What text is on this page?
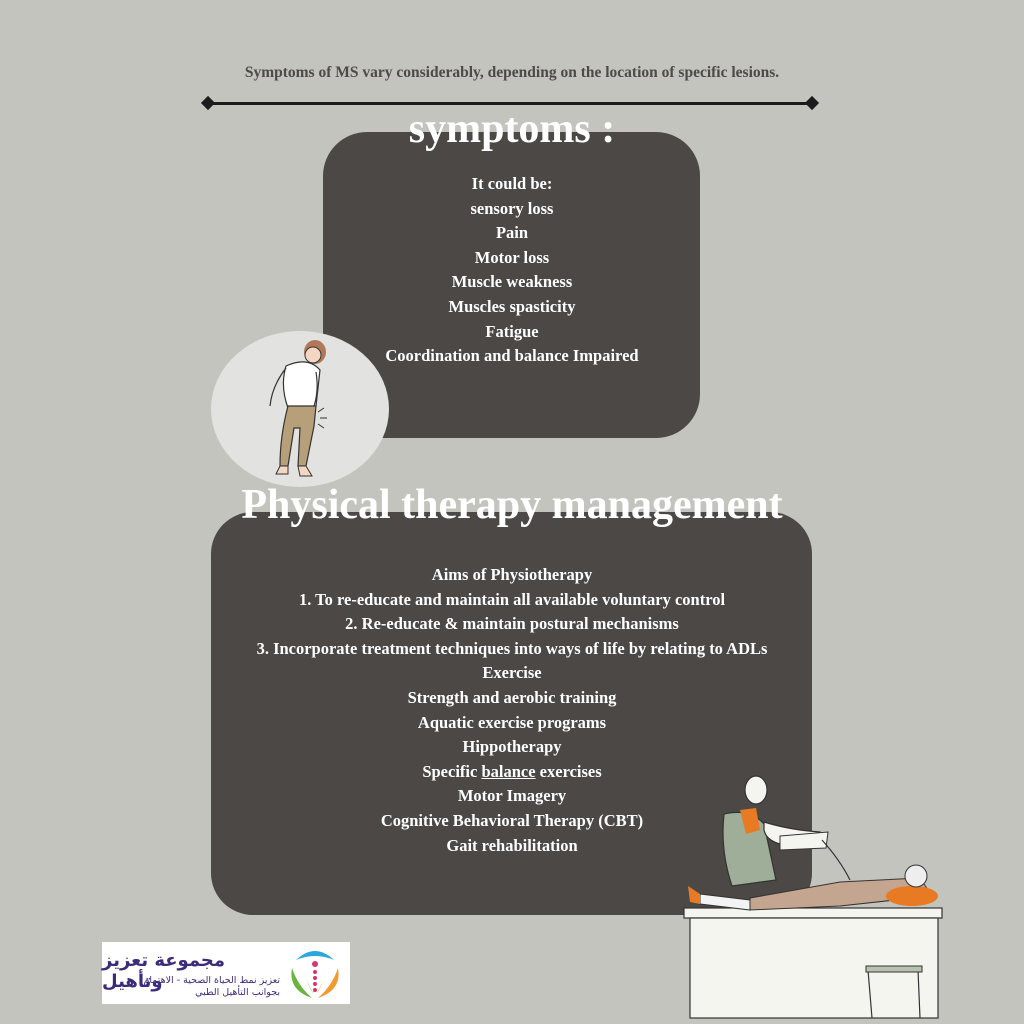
Symptoms of MS vary considerably, depending on the location of specific lesions.
symptoms :
It could be:
sensory loss
Pain
Motor loss
Muscle weakness
Muscles spasticity
Fatigue
Coordination and balance Impaired
Physical therapy management
Aims of Physiotherapy
1. To re-educate and maintain all available voluntary control
2. Re-educate & maintain postural mechanisms
3. Incorporate treatment techniques into ways of life by relating to ADLs
Exercise
Strength and aerobic training
Aquatic exercise programs
Hippotherapy
Specific balance exercises
Motor Imagery
Cognitive Behavioral Therapy (CBT)
Gait rehabilitation
مجموعة تعزيز وتأهيل
تعزيز نمط الحياة الصحية - الاهتمام
بجوانب التأهيل الطبي
